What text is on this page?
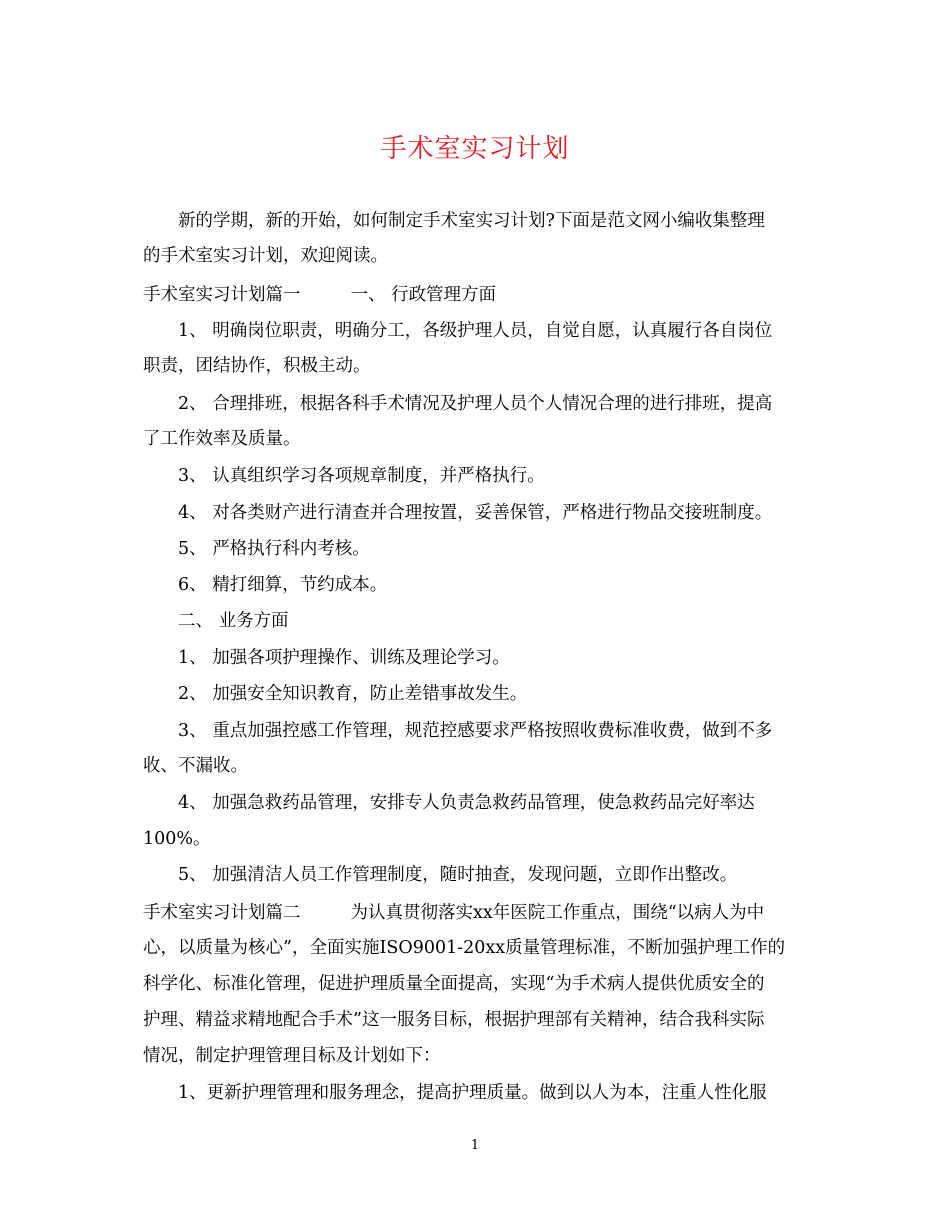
手术室实习计划
新的学期，新的开始，如何制定手术室实习计划?下面是范文网小编收集整理
的手术室实习计划，欢迎阅读。
手术室实习计划篇一	一、 行政管理方面
1、 明确岗位职责，明确分工，各级护理人员，自觉自愿，认真履行各自岗位
职责，团结协作，积极主动。
2、 合理排班，根据各科手术情况及护理人员个人情况合理的进行排班，提高
了工作效率及质量。
3、 认真组织学习各项规章制度，并严格执行。
4、 对各类财产进行清查并合理按置，妥善保管，严格进行物品交接班制度。
5、 严格执行科内考核。
6、 精打细算，节约成本。
二、 业务方面
1、 加强各项护理操作、训练及理论学习。
2、 加强安全知识教育，防止差错事故发生。
3、 重点加强控感工作管理，规范控感要求严格按照收费标准收费，做到不多
收、不漏收。
4、 加强急救药品管理，安排专人负责急救药品管理，使急救药品完好率达
100%。
5、 加强清洁人员工作管理制度，随时抽查，发现问题，立即作出整改。
手术室实习计划篇二	为认真贯彻落实xx年医院工作重点，围绕“以病人为中
心，以质量为核心”，全面实施ISO9001-20xx质量管理标准，不断加强护理工作的
科学化、标准化管理，促进护理质量全面提高，实现“为手术病人提供优质安全的
护理、精益求精地配合手术”这一服务目标，根据护理部有关精神，结合我科实际
情况，制定护理管理目标及计划如下：
1、更新护理管理和服务理念，提高护理质量。做到以人为本，注重人性化服
1
